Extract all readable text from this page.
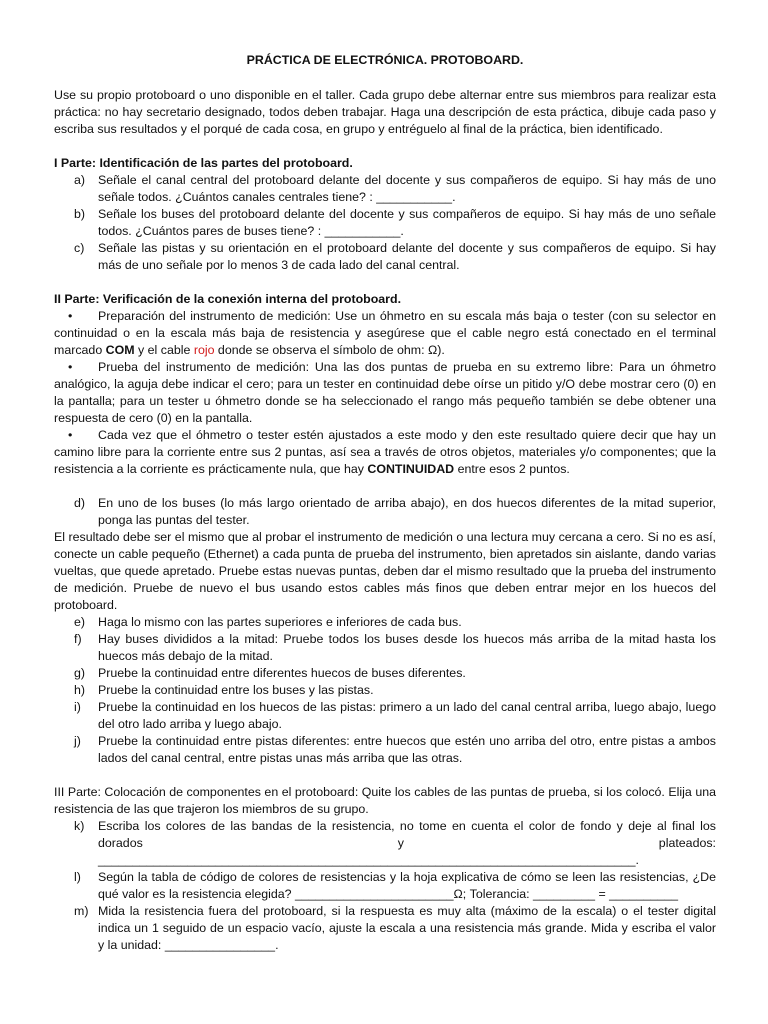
PRÁCTICA DE ELECTRÓNICA. PROTOBOARD.

Use su propio protoboard o uno disponible en el taller. Cada grupo debe alternar entre sus miembros para realizar esta práctica: no hay secretario designado, todos deben trabajar. Haga una descripción de esta práctica, dibuje cada paso y escriba sus resultados y el porqué de cada cosa, en grupo y entréguelo al final de la práctica, bien identificado.

I Parte: Identificación de las partes del protoboard.
a) Señale el canal central del protoboard delante del docente y sus compañeros de equipo. Si hay más de uno señale todos. ¿Cuántos canales centrales tiene? : ___________.
b) Señale los buses del protoboard delante del docente y sus compañeros de equipo. Si hay más de uno señale todos. ¿Cuántos pares de buses tiene? : ___________.
c) Señale las pistas y su orientación en el protoboard delante del docente y sus compañeros de equipo. Si hay más de uno señale por lo menos 3 de cada lado del canal central.
II Parte: Verificación de la conexión interna del protoboard.
• Preparación del instrumento de medición: Use un óhmetro en su escala más baja o tester (con su selector en continuidad o en la escala más baja de resistencia y asegúrese que el cable negro está conectado en el terminal marcado COM y el cable rojo donde se observa el símbolo de ohm: Ω).
• Prueba del instrumento de medición: Una las dos puntas de prueba en su extremo libre: Para un óhmetro analógico, la aguja debe indicar el cero; para un tester en continuidad debe oírse un pitido y/O debe mostrar cero (0) en la pantalla; para un tester u óhmetro donde se ha seleccionado el rango más pequeño también se debe obtener una respuesta de cero (0) en la pantalla.
• Cada vez que el óhmetro o tester estén ajustados a este modo y den este resultado quiere decir que hay un camino libre para la corriente entre sus 2 puntas, así sea a través de otros objetos, materiales y/o componentes; que la resistencia a la corriente es prácticamente nula, que hay CONTINUIDAD entre esos 2 puntos.
d) En uno de los buses (lo más largo orientado de arriba abajo), en dos huecos diferentes de la mitad superior, ponga las puntas del tester.

El resultado debe ser el mismo que al probar el instrumento de medición o una lectura muy cercana a cero. Si no es así, conecte un cable pequeño (Ethernet) a cada punta de prueba del instrumento, bien apretados sin aislante, dando varias vueltas, que quede apretado. Pruebe estas nuevas puntas, deben dar el mismo resultado que la prueba del instrumento de medición. Pruebe de nuevo el bus usando estos cables más finos que deben entrar mejor en los huecos del protoboard.

e) Haga lo mismo con las partes superiores e inferiores de cada bus.
f) Hay buses divididos a la mitad: Pruebe todos los buses desde los huecos más arriba de la mitad hasta los huecos más debajo de la mitad.
g) Pruebe la continuidad entre diferentes huecos de buses diferentes.
h) Pruebe la continuidad entre los buses y las pistas.
i) Pruebe la continuidad en los huecos de las pistas: primero a un lado del canal central arriba, luego abajo, luego del otro lado arriba y luego abajo.
j) Pruebe la continuidad entre pistas diferentes: entre huecos que estén uno arriba del otro, entre pistas a ambos lados del canal central, entre pistas unas más arriba que las otras.

III Parte: Colocación de componentes en el protoboard: Quite los cables de las puntas de prueba, si los colocó. Elija una resistencia de las que trajeron los miembros de su grupo.

k) Escriba los colores de las bandas de la resistencia, no tome en cuenta el color de fondo y deje al final los dorados y plateados: ______________________________________________________________________________.
l) Según la tabla de código de colores de resistencias y la hoja explicativa de cómo se leen las resistencias, ¿De qué valor es la resistencia elegida? _______________________Ω; Tolerancia: _________ = __________
m) Mida la resistencia fuera del protoboard, si la respuesta es muy alta (máximo de la escala) o el tester digital indica un 1 seguido de un espacio vacío, ajuste la escala a una resistencia más grande. Mida y escriba el valor y la unidad: ________________.
